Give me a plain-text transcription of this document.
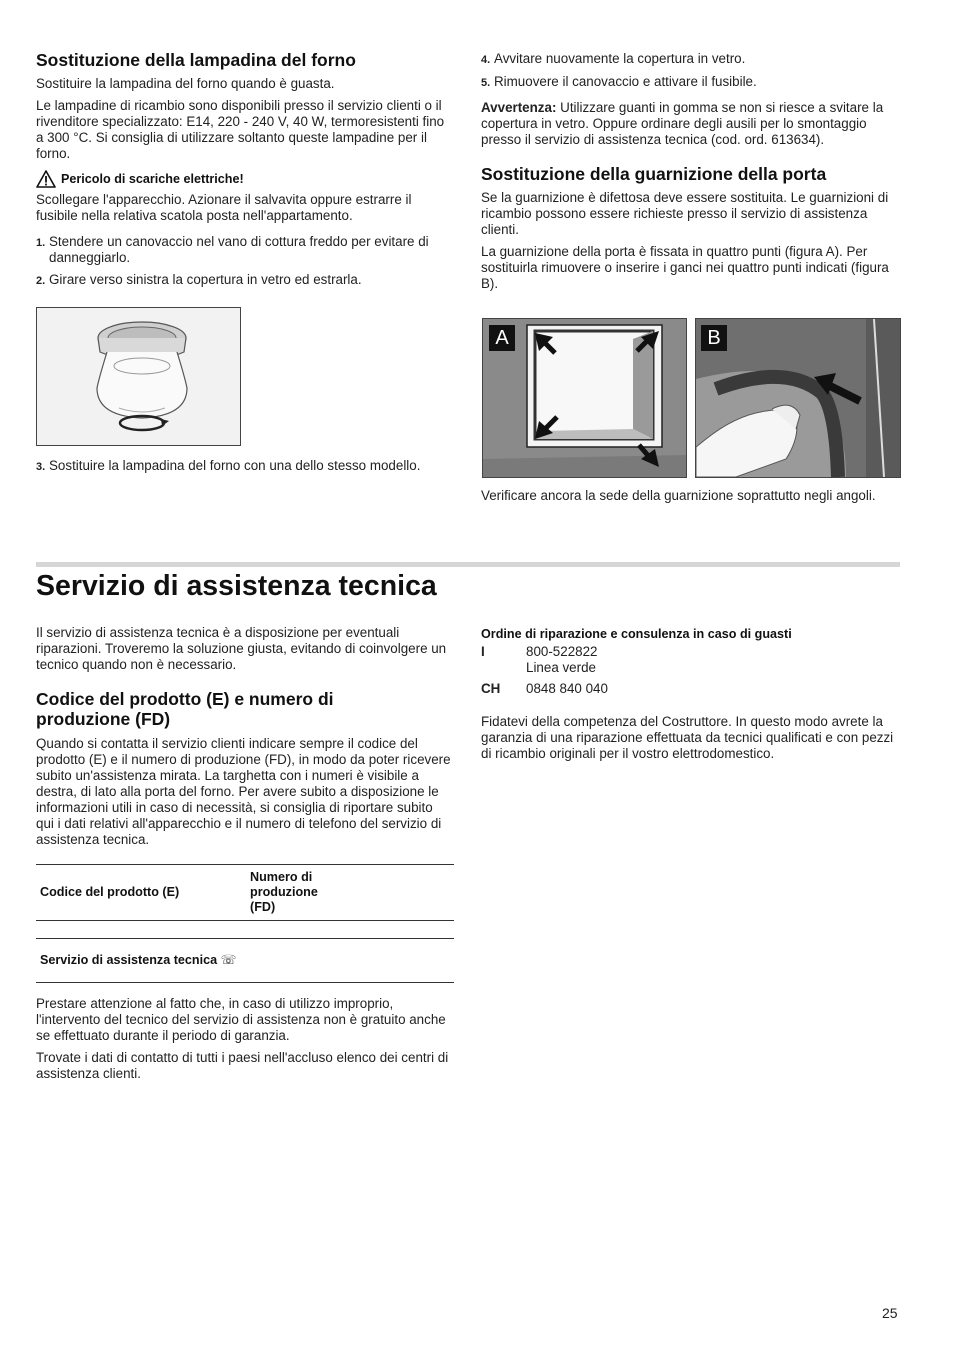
Sostituzione della lampadina del forno

Sostituire la lampadina del forno quando è guasta.

Le lampadine di ricambio sono disponibili presso il servizio clienti o il rivenditore specializzato: E14, 220 - 240 V, 40 W, termoresistenti fino a 300 °C. Si consiglia di utilizzare soltanto queste lampadine per il forno.

Pericolo di scariche elettriche!

Scollegare l'apparecchio. Azionare il salvavita oppure estrarre il fusibile nella relativa scatola posta nell'appartamento.

1. Stendere un canovaccio nel vano di cottura freddo per evitare di danneggiarlo.
2. Girare verso sinistra la copertura in vetro ed estrarla.
3. Sostituire la lampadina del forno con una dello stesso modello.
4. Avvitare nuovamente la copertura in vetro.
5. Rimuovere il canovaccio e attivare il fusibile.

Avvertenza: Utilizzare guanti in gomma se non si riesce a svitare la copertura in vetro. Oppure ordinare degli ausili per lo smontaggio presso il servizio di assistenza tecnica (cod. ord. 613634).

Sostituzione della guarnizione della porta

Se la guarnizione è difettosa deve essere sostituita. Le guarnizioni di ricambio possono essere richieste presso il servizio di assistenza clienti.

La guarnizione della porta è fissata in quattro punti (figura A). Per sostituirla rimuovere o inserire i ganci nei quattro punti indicati (figura B).

A	B

Verificare ancora la sede della guarnizione soprattutto negli angoli.

Servizio di assistenza tecnica

Il servizio di assistenza tecnica è a disposizione per eventuali riparazioni. Troveremo la soluzione giusta, evitando di coinvolgere un tecnico quando non è necessario.

Codice del prodotto (E) e numero di produzione (FD)

Quando si contatta il servizio clienti indicare sempre il codice del prodotto (E) e il numero di produzione (FD), in modo da poter ricevere subito un'assistenza mirata. La targhetta con i numeri è visibile a destra, di lato alla porta del forno. Per avere subito a disposizione le informazioni utili in caso di necessità, si consiglia di riportare subito qui i dati relativi all'apparecchio e il numero di telefono del servizio di assistenza tecnica.

Codice del prodotto (E)	Numero di produzione (FD)	

Servizio di assistenza tecnica ☏		

Prestare attenzione al fatto che, in caso di utilizzo improprio, l'intervento del tecnico del servizio di assistenza non è gratuito anche se effettuato durante il periodo di garanzia.

Trovate i dati di contatto di tutti i paesi nell'accluso elenco dei centri di assistenza clienti.

Ordine di riparazione e consulenza in caso di guasti
I	800-522822
Linea verde
CH	0848 840 040

Fidatevi della competenza del Costruttore. In questo modo avrete la garanzia di una riparazione effettuata da tecnici qualificati e con pezzi di ricambio originali per il vostro elettrodomestico.

25
